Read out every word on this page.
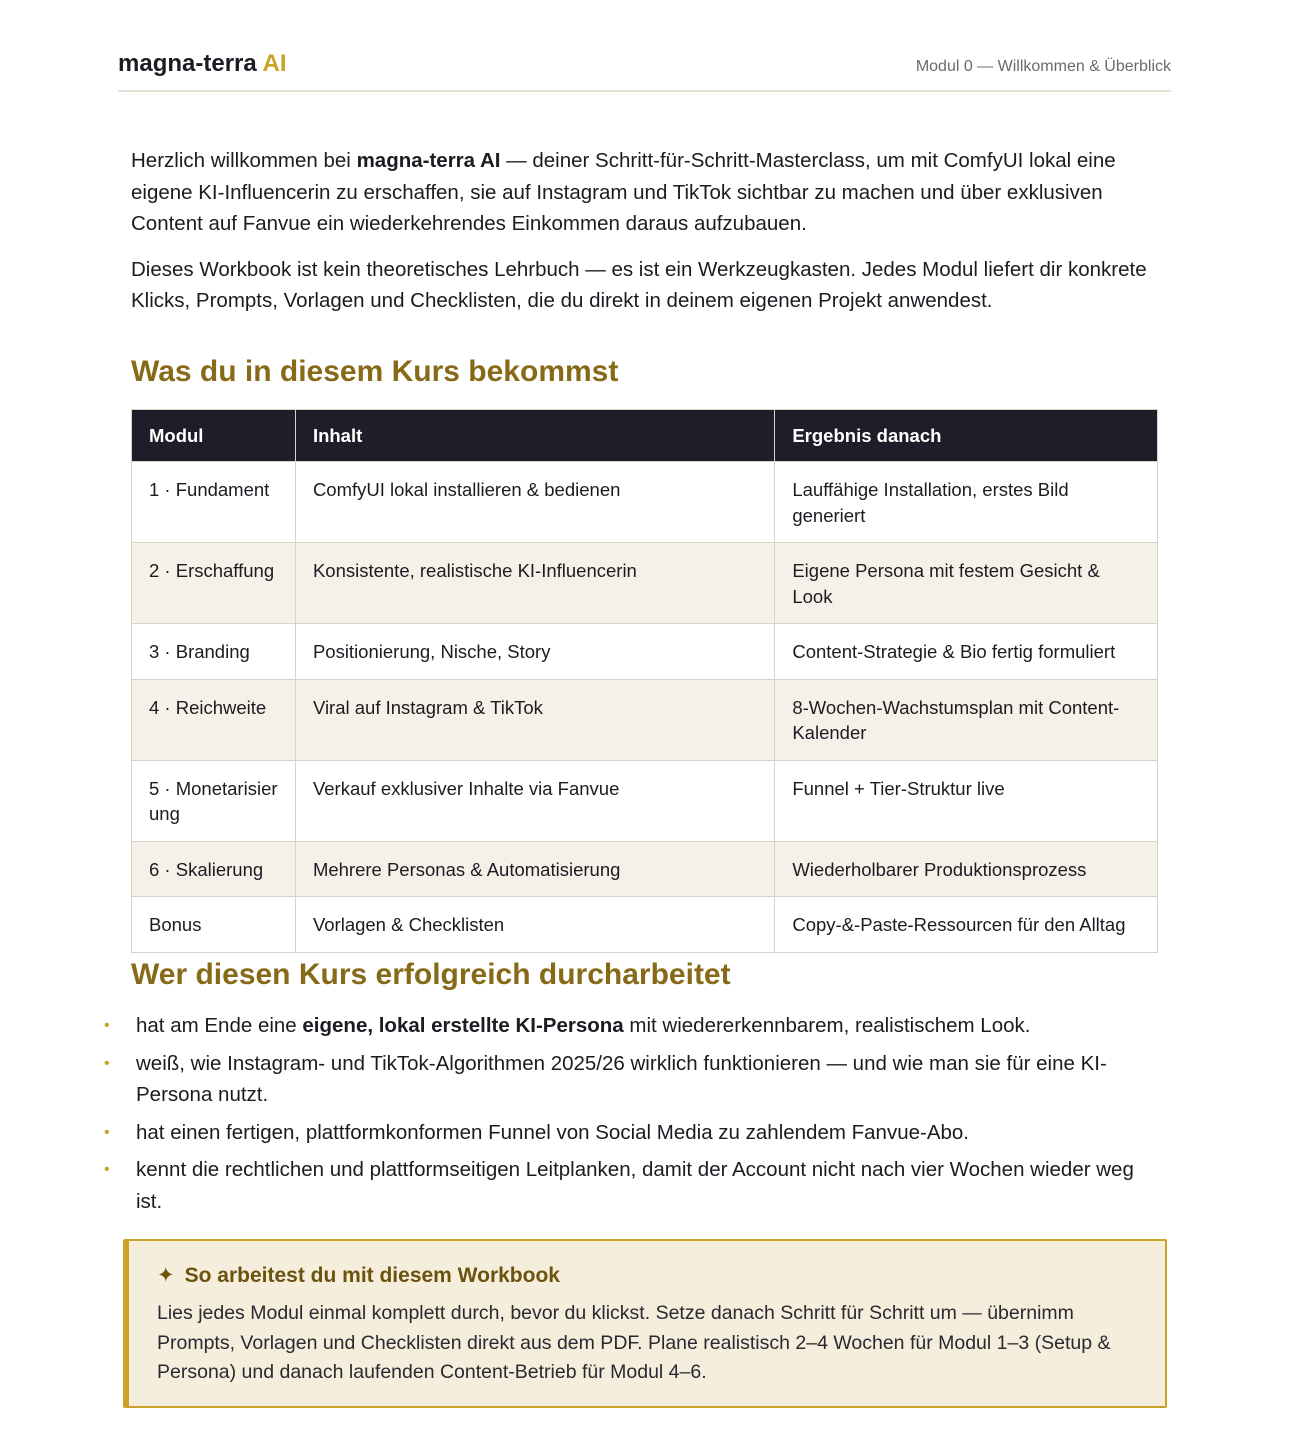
magna-terra AI	Modul 0 — Willkommen & Überblick

Herzlich willkommen bei magna-terra AI — deiner Schritt-für-Schritt-Masterclass, um mit ComfyUI lokal eine eigene KI-Influencerin zu erschaffen, sie auf Instagram und TikTok sichtbar zu machen und über exklusiven Content auf Fanvue ein wiederkehrendes Einkommen daraus aufzubauen.

Dieses Workbook ist kein theoretisches Lehrbuch — es ist ein Werkzeugkasten. Jedes Modul liefert dir konkrete Klicks, Prompts, Vorlagen und Checklisten, die du direkt in deinem eigenen Projekt anwendest.

Was du in diesem Kurs bekommst
Modul	Inhalt	Ergebnis danach
1 · Fundament	ComfyUI lokal installieren & bedienen	Lauffähige Installation, erstes Bild generiert
2 · Erschaffung	Konsistente, realistische KI-Influencerin	Eigene Persona mit festem Gesicht & Look
3 · Branding	Positionierung, Nische, Story	Content-Strategie & Bio fertig formuliert
4 · Reichweite	Viral auf Instagram & TikTok	8-Wochen-Wachstumsplan mit Content-Kalender
5 · Monetarisierung	Verkauf exklusiver Inhalte via Fanvue	Funnel + Tier-Struktur live
6 · Skalierung	Mehrere Personas & Automatisierung	Wiederholbarer Produktionsprozess
Bonus	Vorlagen & Checklisten	Copy-&-Paste-Ressourcen für den Alltag
Wer diesen Kurs erfolgreich durcharbeitet
• hat am Ende eine eigene, lokal erstellte KI-Persona mit wiedererkennbarem, realistischem Look.
• weiß, wie Instagram- und TikTok-Algorithmen 2025/26 wirklich funktionieren — und wie man sie für eine KI-Persona nutzt.
• hat einen fertigen, plattformkonformen Funnel von Social Media zu zahlendem Fanvue-Abo.
• kennt die rechtlichen und plattformseitigen Leitplanken, damit der Account nicht nach vier Wochen wieder weg ist.
✦ So arbeitest du mit diesem Workbook
Lies jedes Modul einmal komplett durch, bevor du klickst. Setze danach Schritt für Schritt um — übernimm Prompts, Vorlagen und Checklisten direkt aus dem PDF. Plane realistisch 2–4 Wochen für Modul 1–3 (Setup & Persona) und danach laufenden Content-Betrieb für Modul 4–6.
